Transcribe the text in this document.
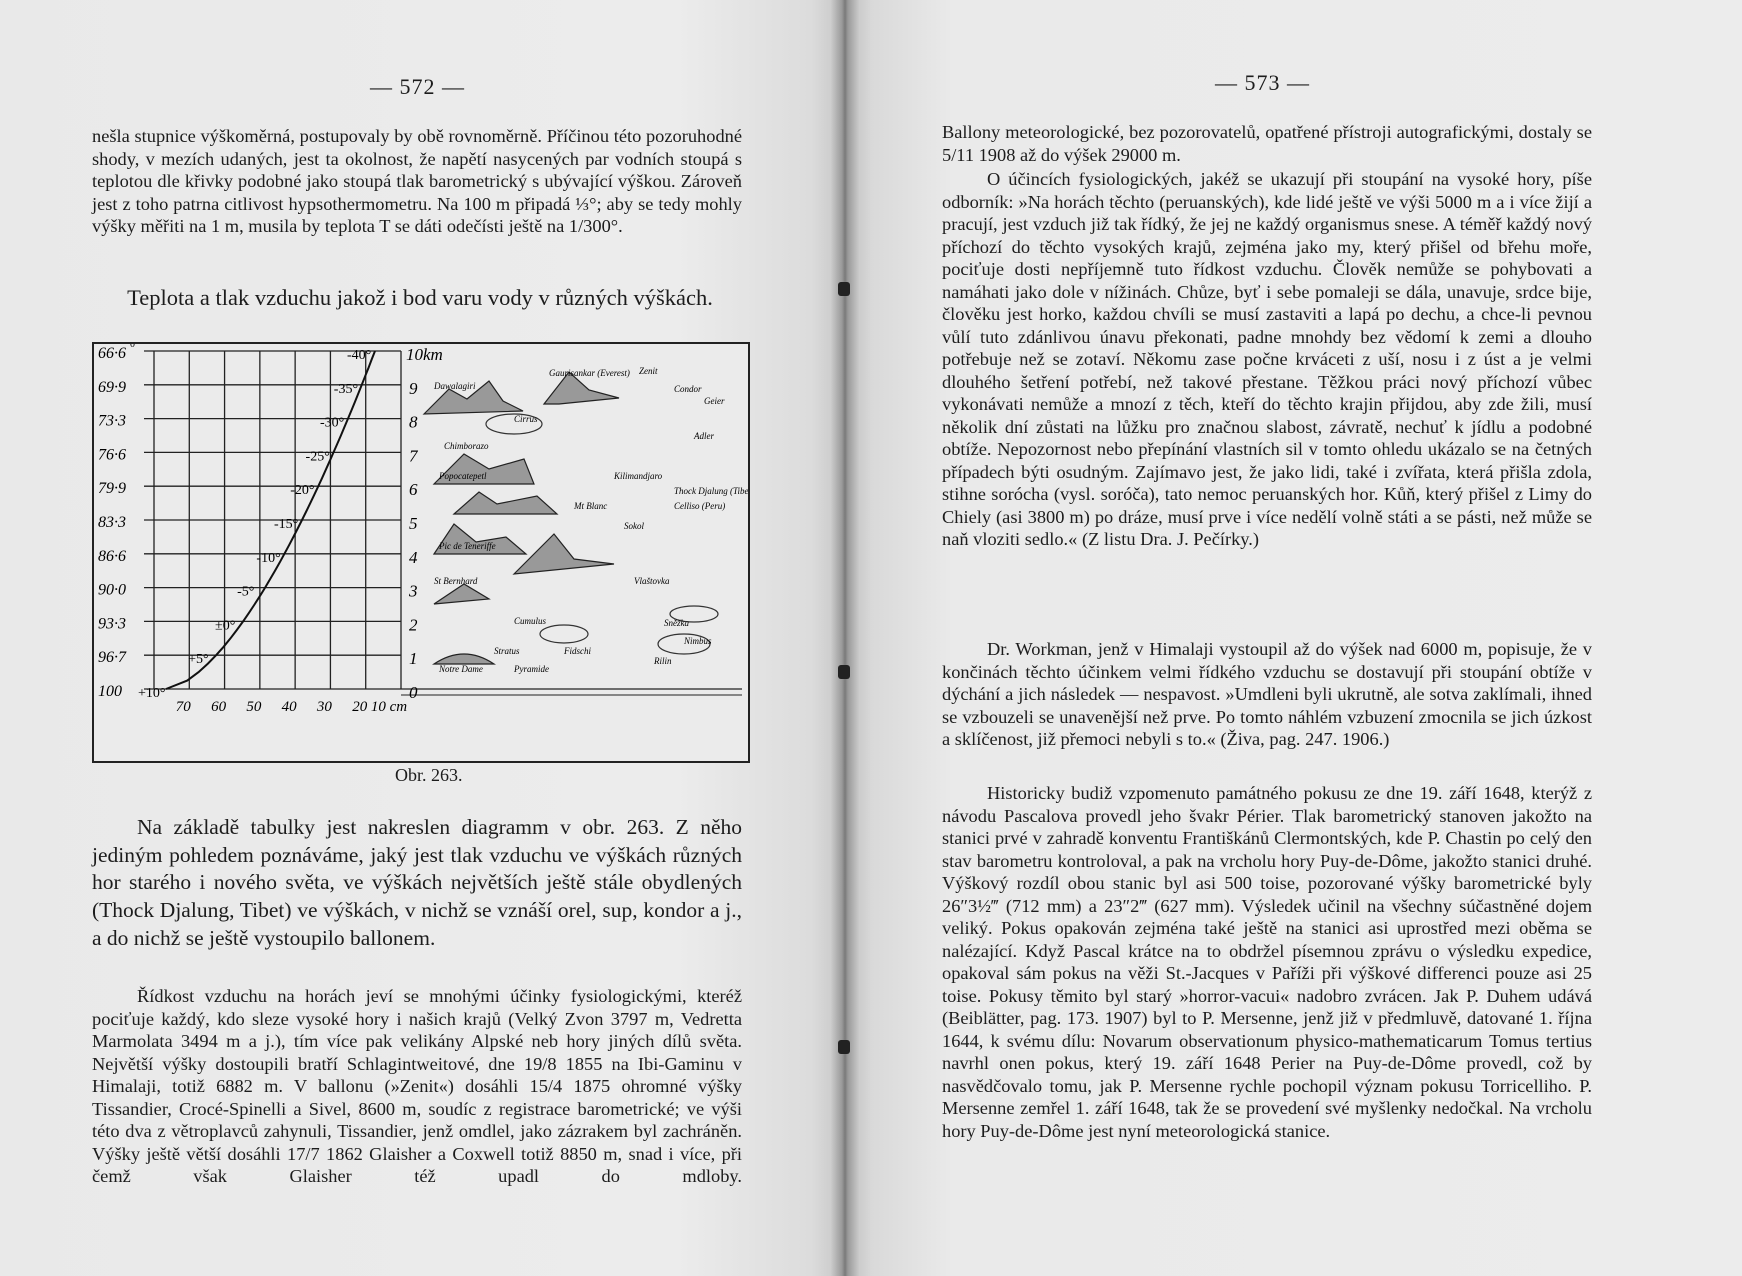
— 572 —
nešla stupnice výškoměrná, postupovaly by obě rovnoměrně. Příčinou této pozoruhodné shody, v mezích udaných, jest ta okolnost, že napětí nasycených par vodních stoupá s teplotou dle křivky podobné jako stoupá tlak barometrický s ubývající výškou. Zároveň jest z toho patrna citlivost hypsothermometru. Na 100 m připadá ⅓°; aby se tedy mohly výšky měřiti na 1 m, musila by teplota T se dáti odečísti ještě na 1/300°.
Teplota a tlak vzduchu jakož i bod varu vody v různých výškách.
66·6
69·9
73·3
76·6
79·9
83·3
86·6
90·0
93·3
96·7
100
0
10km
9
8
7
6
5
4
3
2
1
0
70 60 50 40 30 20 10 cm
-40°
-35°
-30°
-25°
-20°
-15°
-10°
-5°
±0°
+5°
+10°
Gaurisankar (Everest) Zenit
Dawalagiri	Condor
Cirrus
Geier
Adler
Chimborazo
Popocatepetl	Kilimandjaro
Thock Djalung (Tibet)
Celliso (Peru)
Mt Blanc
Sokol
Pic de Teneriffe
St Bernhard	Vlaštovka
Sněžka
Cumulus
Nimbus
Stratus	Fidschi
Rilin
Notre Dame	Pyramide
Obr. 263.
Na základě tabulky jest nakreslen diagramm v obr. 263. Z něho jediným pohledem poznáváme, jaký jest tlak vzduchu ve výškách různých hor starého i nového světa, ve výškách největších ještě stále obydlených (Thock Djalung, Tibet) ve výškách, v nichž se vznáší orel, sup, kondor a j., a do nichž se ještě vystoupilo ballonem.
Řídkost vzduchu na horách jeví se mnohými účinky fysiologickými, kteréž pociťuje každý, kdo sleze vysoké hory i našich krajů (Velký Zvon 3797 m, Vedretta Marmolata 3494 m a j.), tím více pak velikány Alpské neb hory jiných dílů světa. Největší výšky dostoupili bratří Schlagintweitové, dne 19/8 1855 na Ibi-Gaminu v Himalaji, totiž 6882 m. V ballonu (»Zenit«) dosáhli 15/4 1875 ohromné výšky Tissandier, Crocé-Spinelli a Sivel, 8600 m, soudíc z registrace barometrické; ve výši této dva z větroplavců zahynuli, Tissandier, jenž omdlel, jako zázrakem byl zachráněn. Výšky ještě větší dosáhli 17/7 1862 Glaisher a Coxwell totiž 8850 m, snad i více, při čemž však Glaisher též upadl do mdloby.
— 573 —
Ballony meteorologické, bez pozorovatelů, opatřené přístroji autografickými, dostaly se 5/11 1908 až do výšek 29000 m.
O účincích fysiologických, jakéž se ukazují při stoupání na vysoké hory, píše odborník: »Na horách těchto (peruanských), kde lidé ještě ve výši 5000 m a i více žijí a pracují, jest vzduch již tak řídký, že jej ne každý organismus snese. A téměř každý nový příchozí do těchto vysokých krajů, zejména jako my, který přišel od břehu moře, pociťuje dosti nepříjemně tuto řídkost vzduchu. Člověk nemůže se pohybovati a namáhati jako dole v nížinách. Chůze, byť i sebe pomaleji se dála, unavuje, srdce bije, člověku jest horko, každou chvíli se musí zastaviti a lapá po dechu, a chce-li pevnou vůlí tuto zdánlivou únavu překonati, padne mnohdy bez vědomí k zemi a dlouho potřebuje než se zotaví. Někomu zase počne krváceti z uší, nosu i z úst a je velmi dlouhého šetření potřebí, než takové přestane. Těžkou práci nový příchozí vůbec vykonávati nemůže a mnozí z těch, kteří do těchto krajin přijdou, aby zde žili, musí několik dní zůstati na lůžku pro značnou slabost, závratě, nechuť k jídlu a podobné obtíže. Nepozornost nebo přepínání vlastních sil v tomto ohledu ukázalo se na četných případech býti osudným. Zajímavo jest, že jako lidi, také i zvířata, která přišla zdola, stihne sorócha (vysl. soróča), tato nemoc peruanských hor. Kůň, který přišel z Limy do Chiely (asi 3800 m) po dráze, musí prve i více nedělí volně státi a se pásti, než může se naň vloziti sedlo.« (Z listu Dra. J. Pečírky.)
Dr. Workman, jenž v Himalaji vystoupil až do výšek nad 6000 m, popisuje, že v končinách těchto účinkem velmi řídkého vzduchu se dostavují při stoupání obtíže v dýchání a jich následek — nespavost. »Umdleni byli ukrutně, ale sotva zaklímali, ihned se vzbouzeli se unavenější než prve. Po tomto náhlém vzbuzení zmocnila se jich úzkost a sklíčenost, již přemoci nebyli s to.« (Živa, pag. 247. 1906.)
Historicky budiž vzpomenuto památného pokusu ze dne 19. září 1648, kterýž z návodu Pascalova provedl jeho švakr Périer. Tlak barometrický stanoven jakožto na stanici prvé v zahradě konventu Františkánů Clermontských, kde P. Chastin po celý den stav barometru kontroloval, a pak na vrcholu hory Puy-de-Dôme, jakožto stanici druhé. Výškový rozdíl obou stanic byl asi 500 toise, pozorované výšky barometrické byly 26″3½‴ (712 mm) a 23″2‴ (627 mm). Výsledek učinil na všechny súčastněné dojem veliký. Pokus opakován zejména také ještě na stanici asi uprostřed mezi oběma se nalézající. Když Pascal krátce na to obdržel písemnou zprávu o výsledku expedice, opakoval sám pokus na věži St.-Jacques v Paříži při výškové differenci pouze asi 25 toise. Pokusy těmito byl starý »horror-vacui« nadobro zvrácen. Jak P. Duhem udává (Beiblätter, pag. 173. 1907) byl to P. Mersenne, jenž již v předmluvě, datované 1. října 1644, k svému dílu: Novarum observationum physico-mathematicarum Tomus tertius navrhl onen pokus, který 19. září 1648 Perier na Puy-de-Dôme provedl, což by nasvědčovalo tomu, jak P. Mersenne rychle pochopil význam pokusu Torricelliho. P. Mersenne zemřel 1. září 1648, tak že se provedení své myšlenky nedočkal. Na vrcholu hory Puy-de-Dôme jest nyní meteorologická stanice.
